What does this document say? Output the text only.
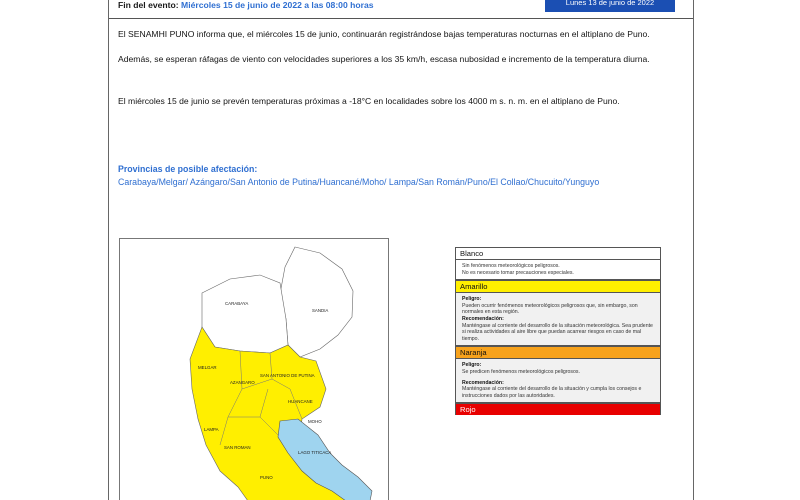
Fin del evento: Miércoles 15 de junio de 2022 a las 08:00 horas	Lunes 13 de junio de 2022
El SENAMHI PUNO informa que, el miércoles 15 de junio, continuarán registrándose bajas temperaturas nocturnas en el altiplano de Puno.
Además, se esperan ráfagas de viento con velocidades superiores a los 35 km/h, escasa nubosidad e incremento de la temperatura diurna.
El miércoles 15 de junio se prevén temperaturas próximas a -18°C en localidades sobre los 4000 m s. n. m. en el altiplano de Puno.
Provincias de posible afectación:
Carabaya/Melgar/ Azángaro/San Antonio de Putina/Huancané/Moho/ Lampa/San Román/Puno/El Collao/Chucuito/Yunguyo
CARABAYA
SANDIA
MELGAR
AZANGARO
SAN ANTONIO DE PUTINA
HUANCANE
MOHO
LAMPA
SAN ROMAN
LAGO TITICACA
PUNO
Blanco
Sin fenómenos meteorológicos peligrosos.
No es necesario tomar precauciones especiales.
Amarillo
Peligro:
Pueden ocurrir fenómenos meteorológicos peligrosos que, sin embargo, son normales en esta región.
Recomendación:
Manténgase al corriente del desarrollo de la situación meteorológica. Sea prudente si realiza actividades al aire libre que puedan acarrear riesgos en caso de mal tiempo.
Naranja
Peligro:
Se predicen fenómenos meteorológicos peligrosos.
Recomendación:
Manténgase al corriente del desarrollo de la situación y cumpla los consejos e instrucciones dados por las autoridades.
Rojo
